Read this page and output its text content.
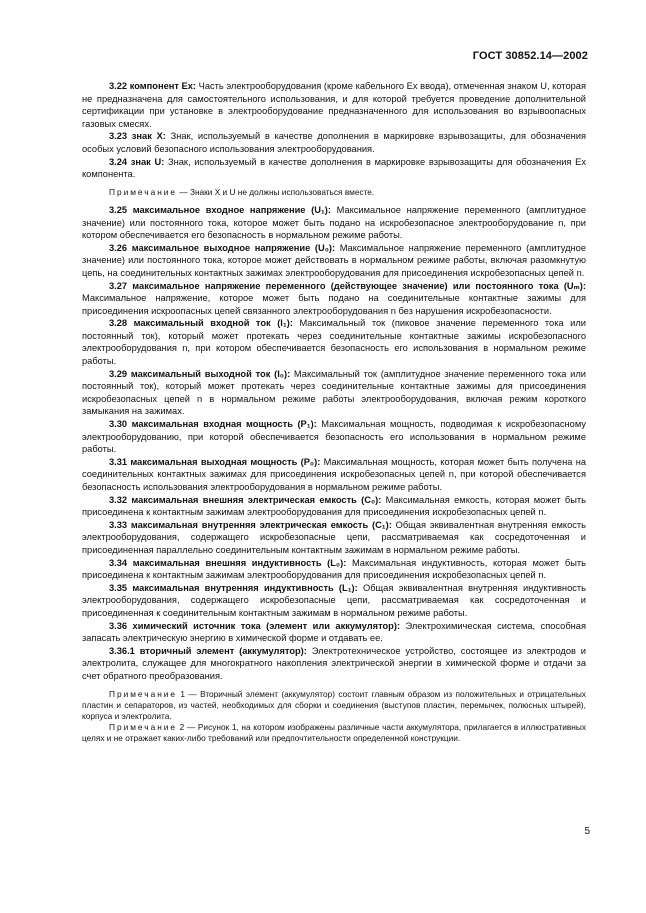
ГОСТ 30852.14—2002

3.22 компонент Ex: Часть электрооборудования (кроме кабельного Ex ввода), отмеченная знаком U, которая не предназначена для самостоятельного использования, и для которой требуется проведение дополнительной сертификации при установке в электрооборудование предназначенного для использования во взрывоопасных газовых смесях.

3.23 знак X: Знак, используемый в качестве дополнения в маркировке взрывозащиты, для обозначения особых условий безопасного использования электрооборудования.

3.24 знак U: Знак, используемый в качестве дополнения в маркировке взрывозащиты для обозначения Ex компонента.

Примечание — Знаки X и U не должны использоваться вместе.

3.25 максимальное входное напряжение (U₁): Максимальное напряжение переменного (амплитудное значение) или постоянного тока, которое может быть подано на искробезопасное электрооборудование n, при котором обеспечивается его безопасность в нормальном режиме работы.

3.26 максимальное выходное напряжение (U₀): Максимальное напряжение переменного (амплитудное значение) или постоянного тока, которое может действовать в нормальном режиме работы, включая разомкнутую цепь, на соединительных контактных зажимах электрооборудования для присоединения искробезопасных цепей n.

3.27 максимальное напряжение переменного (действующее значение) или постоянного тока (Uₘ): Максимальное напряжение, которое может быть подано на соединительные контактные зажимы для присоединения искроопасных цепей связанного электрооборудования n без нарушения искробезопасности.

3.28 максимальный входной ток (I₁): Максимальный ток (пиковое значение переменного тока или постоянный ток), который может протекать через соединительные контактные зажимы искробезопасного электрооборудования n, при котором обеспечивается безопасность его использования в нормальном режиме работы.

3.29 максимальный выходной ток (I₀): Максимальный ток (амплитудное значение переменного тока или постоянный ток), который может протекать через соединительные контактные зажимы для присоединения искробезопасных цепей n в нормальном режиме работы электрооборудования, включая режим короткого замыкания на зажимах.

3.30 максимальная входная мощность (P₁): Максимальная мощность, подводимая к искробезопасному электрооборудованию, при которой обеспечивается безопасность его использования в нормальном режиме работы.

3.31 максимальная выходная мощность (P₀): Максимальная мощность, которая может быть получена на соединительных контактных зажимах для присоединения искробезопасных цепей n, при которой обеспечивается безопасность использования электрооборудования в нормальном режиме работы.

3.32 максимальная внешняя электрическая емкость (C₀): Максимальная емкость, которая может быть присоединена к контактным зажимам электрооборудования для присоединения искробезопасных цепей n.

3.33 максимальная внутренняя электрическая емкость (C₁): Общая эквивалентная внутренняя емкость электрооборудования, содержащего искробезопасные цепи, рассматриваемая как сосредоточенная и присоединенная параллельно соединительным контактным зажимам в нормальном режиме работы.

3.34 максимальная внешняя индуктивность (L₀): Максимальная индуктивность, которая может быть присоединена к контактным зажимам электрооборудования для присоединения искробезопасных цепей n.

3.35 максимальная внутренняя индуктивность (L₁): Общая эквивалентная внутренняя индуктивность электрооборудования, содержащего искробезопасные цепи, рассматриваемая как сосредоточенная и присоединенная к соединительным контактным зажимам в нормальном режиме работы.

3.36 химический источник тока (элемент или аккумулятор): Электрохимическая система, способная запасать электрическую энергию в химической форме и отдавать ее.

3.36.1 вторичный элемент (аккумулятор): Электротехническое устройство, состоящее из электродов и электролита, служащее для многократного накопления электрической энергии в химической форме и отдачи за счет обратного преобразования.

Примечание 1 — Вторичный элемент (аккумулятор) состоит главным образом из положительных и отрицательных пластин и сепараторов, из частей, необходимых для сборки и соединения (выступов пластин, перемычек, полюсных штырей), корпуса и электролита.

Примечание 2 — Рисунок 1, на котором изображены различные части аккумулятора, прилагается в иллюстративных целях и не отражает каких-либо требований или предпочтительности определенной конструкции.

5
